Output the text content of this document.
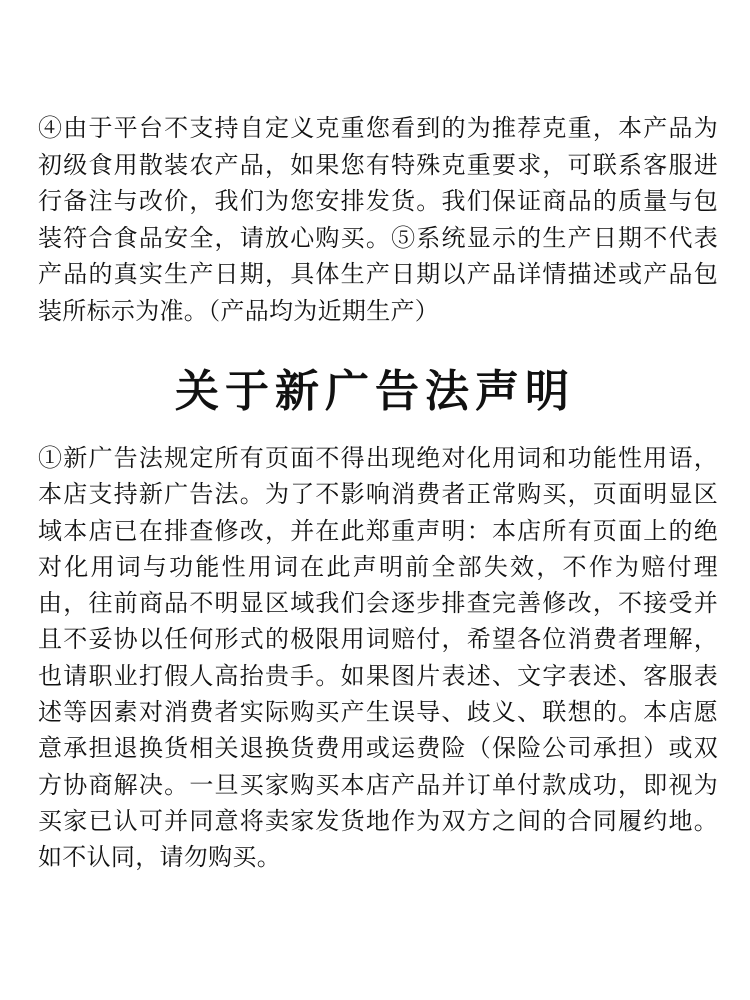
④由于平台不支持自定义克重您看到的为推荐克重，本产品为初级食用散装农产品，如果您有特殊克重要求，可联系客服进行备注与改价，我们为您安排发货。我们保证商品的质量与包装符合食品安全，请放心购买。⑤系统显示的生产日期不代表产品的真实生产日期，具体生产日期以产品详情描述或产品包装所标示为准。（产品均为近期生产）

关于新广告法声明

①新广告法规定所有页面不得出现绝对化用词和功能性用语，本店支持新广告法。为了不影响消费者正常购买，页面明显区域本店已在排查修改，并在此郑重声明：本店所有页面上的绝对化用词与功能性用词在此声明前全部失效，不作为赔付理由，往前商品不明显区域我们会逐步排查完善修改，不接受并且不妥协以任何形式的极限用词赔付，希望各位消费者理解，也请职业打假人高抬贵手。如果图片表述、文字表述、客服表述等因素对消费者实际购买产生误导、歧义、联想的。本店愿意承担退换货相关退换货费用或运费险（保险公司承担）或双方协商解决。一旦买家购买本店产品并订单付款成功，即视为买家已认可并同意将卖家发货地作为双方之间的合同履约地。如不认同，请勿购买。
